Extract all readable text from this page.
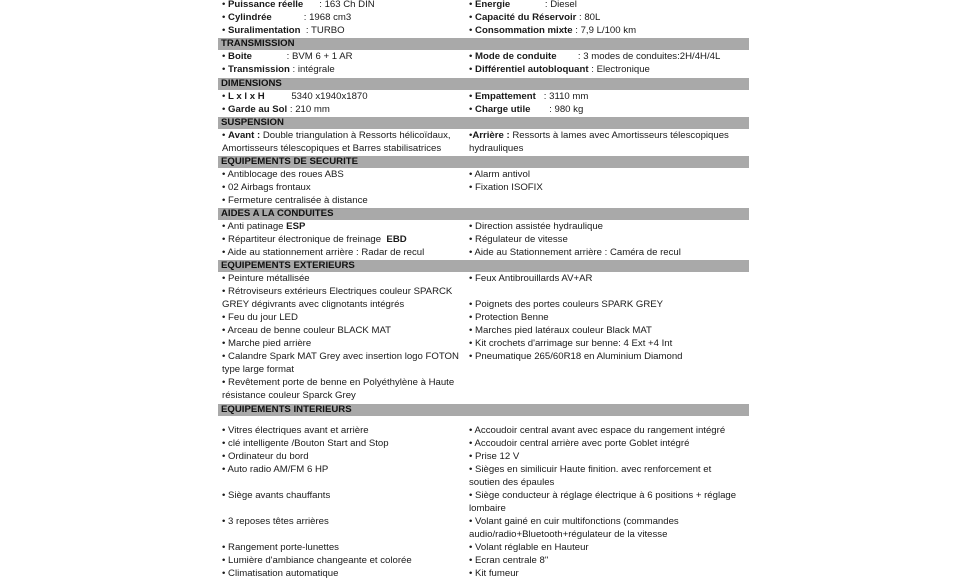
• Puissance réelle      : 163 Ch DIN	• Energie             : Diesel
• Cylindrée            : 1968 cm3	• Capacité du Réservoir : 80L
• Suralimentation  : TURBO	• Consommation mixte : 7,9 L/100 km
TRANSMISSION
• Boite             : BVM 6 + 1 AR	• Mode de conduite        : 3 modes de conduites:2H/4H/4L
• Transmission : intégrale	• Différentiel autobloquant : Electronique
DIMENSIONS
• L x l x H	5340 x1940x1870	• Empattement   : 3110 mm
• Garde au Sol : 210 mm	• Charge utile       : 980 kg
SUSPENSION
• Avant : Double triangulation à Ressorts hélicoïdaux,	•Arrière : Ressorts à lames avec Amortisseurs télescopiques
Amortisseurs télescopiques et Barres stabilisatrices	hydrauliques
EQUIPEMENTS DE SECURITE
• Antiblocage des roues ABS	• Alarm antivol
• 02 Airbags frontaux	• Fixation ISOFIX
• Fermeture centralisée à distance
AIDES A LA CONDUITES
• Anti patinage ESP	• Direction assistée hydraulique
• Répartiteur électronique de freinage  EBD	• Régulateur de vitesse
• Aide au stationnement arrière : Radar de recul	• Aide au Stationnement arrière : Caméra de recul
EQUIPEMENTS EXTERIEURS
• Peinture métallisée	• Feux Antibrouillards AV+AR
• Rétroviseurs extérieurs Electriques couleur SPARCK
GREY dégivrants avec clignotants intégrés	• Poignets des portes couleurs SPARK GREY
• Feu du jour LED	• Protection Benne
• Arceau de benne couleur BLACK MAT	• Marches pied latéraux couleur Black MAT
• Marche pied arrière	• Kit crochets d'arrimage sur benne: 4 Ext +4 Int
• Calandre Spark MAT Grey avec insertion logo FOTON	• Pneumatique 265/60R18 en Aluminium Diamond
type large format
• Revêtement porte de benne en Polyéthylène à Haute
résistance couleur Sparck Grey
EQUIPEMENTS INTERIEURS
• Vitres électriques avant et arrière	• Accoudoir central avant avec espace du rangement intégré
• clé intelligente /Bouton Start and Stop	• Accoudoir central arrière avec porte Goblet intégré
• Ordinateur du bord	• Prise 12 V
• Auto radio AM/FM 6 HP	• Sièges en similicuir Haute finition. avec renforcement et
soutien des épaules
• Siège avants chauffants	• Siège conducteur à réglage électrique à 6 positions + réglage
lombaire
• 3 reposes têtes arrières	• Volant gainé en cuir multifonctions (commandes
audio/radio+Bluetooth+régulateur de la vitesse
• Rangement porte-lunettes	• Volant réglable en Hauteur
• Lumière d'ambiance changeante et colorée	• Ecran centrale 8"
• Climatisation automatique	• Kit fumeur
